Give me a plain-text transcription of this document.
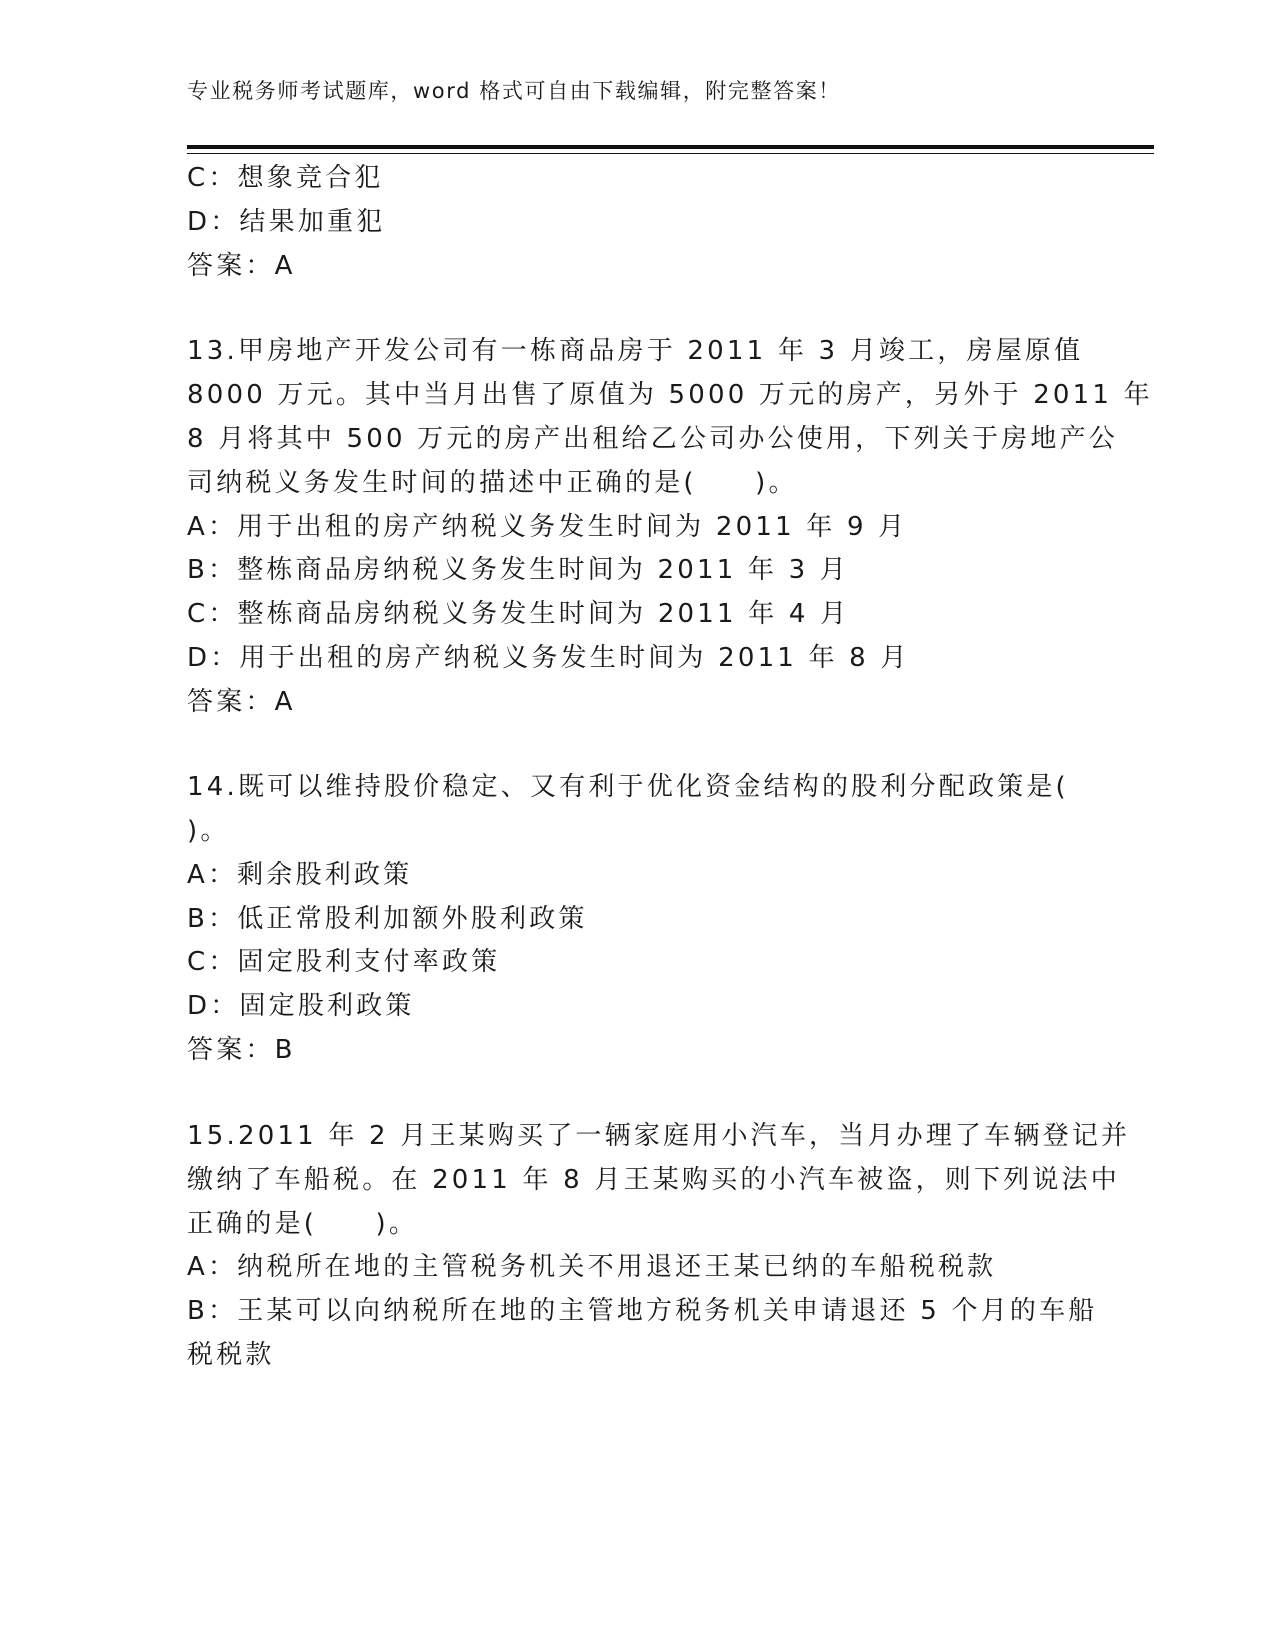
专业税务师考试题库，word 格式可自由下载编辑，附完整答案！
C：想象竞合犯
D：结果加重犯
答案：A
13.甲房地产开发公司有一栋商品房于 2011 年 3 月竣工，房屋原值
8000 万元。其中当月出售了原值为 5000 万元的房产，另外于 2011 年
8 月将其中 500 万元的房产出租给乙公司办公使用，下列关于房地产公
司纳税义务发生时间的描述中正确的是(　　)。
A：用于出租的房产纳税义务发生时间为 2011 年 9 月
B：整栋商品房纳税义务发生时间为 2011 年 3 月
C：整栋商品房纳税义务发生时间为 2011 年 4 月
D：用于出租的房产纳税义务发生时间为 2011 年 8 月
答案：A
14.既可以维持股价稳定、又有利于优化资金结构的股利分配政策是(
)。
A：剩余股利政策
B：低正常股利加额外股利政策
C：固定股利支付率政策
D：固定股利政策
答案：B
15.2011 年 2 月王某购买了一辆家庭用小汽车，当月办理了车辆登记并
缴纳了车船税。在 2011 年 8 月王某购买的小汽车被盗，则下列说法中
正确的是(　　)。
A：纳税所在地的主管税务机关不用退还王某已纳的车船税税款
B：王某可以向纳税所在地的主管地方税务机关申请退还 5 个月的车船
税税款
